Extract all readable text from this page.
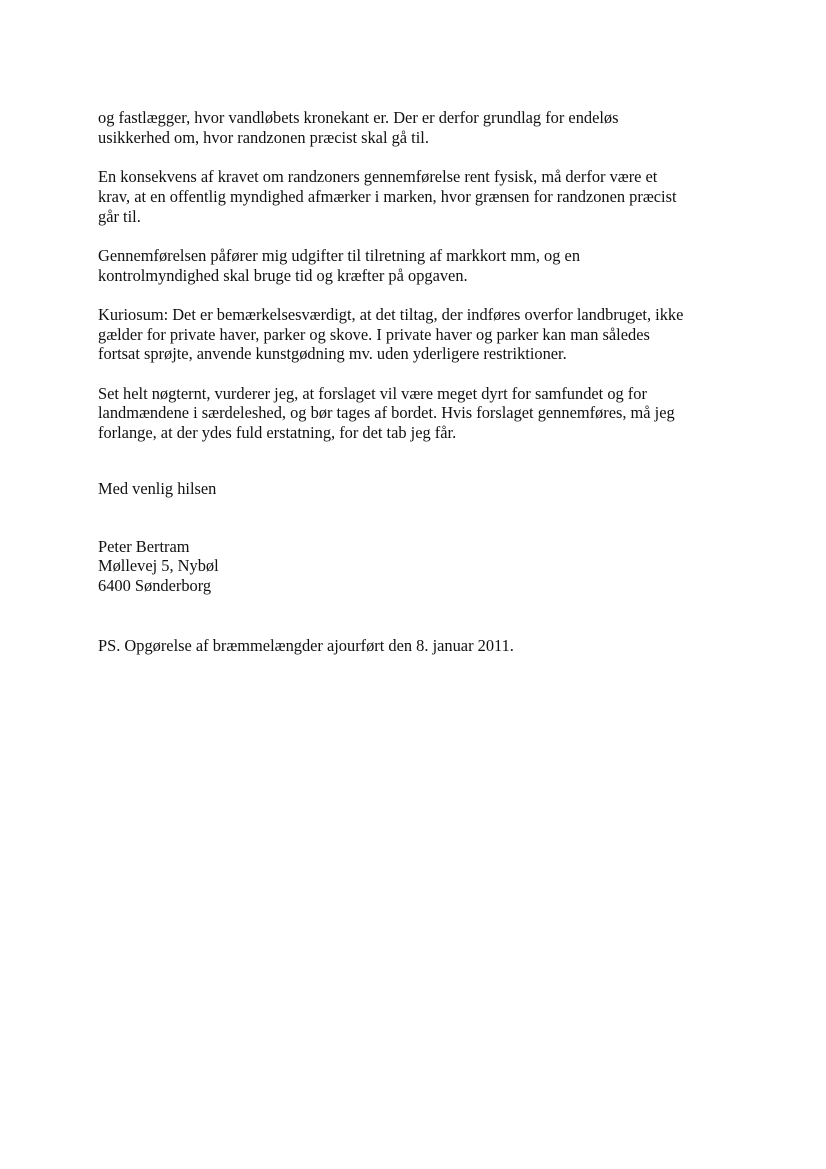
og fastlægger, hvor vandløbets kronekant er. Der er derfor grundlag for endeløs
usikkerhed om, hvor randzonen præcist skal gå til.

En konsekvens af kravet om randzoners gennemførelse rent fysisk, må derfor være et
krav, at en offentlig myndighed afmærker i marken, hvor grænsen for randzonen præcist
går til.

Gennemførelsen påfører mig udgifter til tilretning af markkort mm, og en
kontrolmyndighed skal bruge tid og kræfter på opgaven.

Kuriosum: Det er bemærkelsesværdigt, at det tiltag, der indføres overfor landbruget, ikke
gælder for private haver, parker og skove. I private haver og parker kan man således
fortsat sprøjte, anvende kunstgødning mv. uden yderligere restriktioner.

Set helt nøgternt, vurderer jeg, at forslaget vil være meget dyrt for samfundet og for
landmændene i særdeleshed, og bør tages af bordet. Hvis forslaget gennemføres, må jeg
forlange, at der ydes fuld erstatning, for det tab jeg får.

Med venlig hilsen

Peter Bertram
Møllevej 5, Nybøl
6400 Sønderborg

PS. Opgørelse af bræmmelængder ajourført den 8. januar 2011.
